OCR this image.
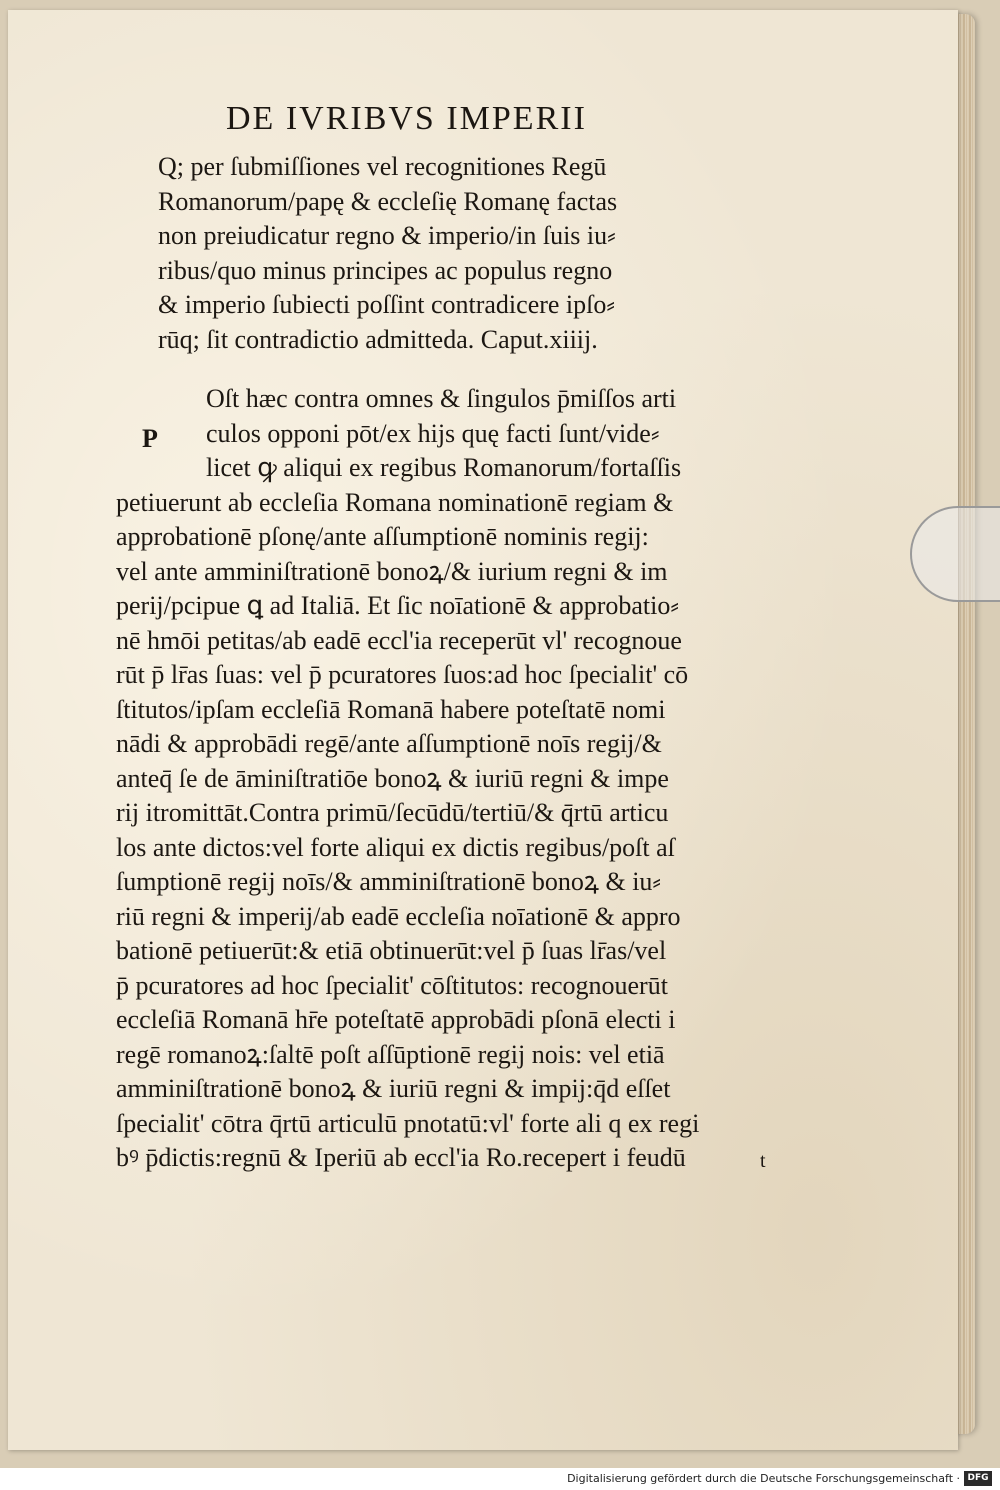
DE IVRIBVS IMPERII
Q; per ſubmiſſiones vel recognitiones Regū
Romanorum/papę & eccleſię Romanę factas
non preiudicatur regno & imperio/in ſuis iu⸗
ribus/quo minus principes ac populus regno
& imperio ſubiecti poſſint contradicere ipſo⸗
rūq; ſit contradictio admitteda. Caput.xiiij.
P
Oſt hæc contra omnes & ſingulos p̄miſſos arti
culos opponi pōt/ex hijs quę facti ſunt/vide⸗
licet ꝙ aliqui ex regibus Romanorum/fortaſſis
petiuerunt ab eccleſia Romana nominationē regiam &
approbationē pſonę/ante aſſumptionē nominis regij:
vel ante amminiſtrationē bonoꝝ/& iurium regni & im
perij/pcipue ꝗ ad Italiā. Et ſic noīationē & approbatio⸗
nē hmōi petitas/ab eadē eccl'ia receperūt vl' recognoue
rūt p̄ lr̄as ſuas: vel p̄ pcuratores ſuos:ad hoc ſpecialit' cō
ſtitutos/ipſam eccleſiā Romanā habere poteſtatē nomi
nādi & approbādi regē/ante aſſumptionē noīs regij/&
anteq̄ ſe de āminiſtratiōe bonoꝝ & iuriū regni & impe
rij itromittāt.Contra primū/ſecūdū/tertiū/& q̄rtū articu
los ante dictos:vel forte aliqui ex dictis regibus/poſt aſ
ſumptionē regij noīs/& amminiſtrationē bonoꝝ & iu⸗
riū regni & imperij/ab eadē eccleſia noīationē & appro
bationē petiuerūt:& etiā obtinuerūt:vel p̄ ſuas lr̄as/vel
p̄ pcuratores ad hoc ſpecialit' cōſtitutos: recognouerūt
eccleſiā Romanā hr̄e poteſtatē approbādi pſonā electi i
regē romanoꝝ:ſaltē poſt aſſūptionē regij nois: vel etiā
amminiſtrationē bonoꝝ & iuriū regni & impij:q̄d eſſet
ſpecialit' cōtra q̄rtū articulū pnotatū:vl' forte ali q ex regi
bꝰ p̄dictis:regnū & Iperiū ab eccl'ia Ro.recepert i feudū	t
Digitalisierung gefördert durch die Deutsche Forschungsgemeinschaft · DFG
